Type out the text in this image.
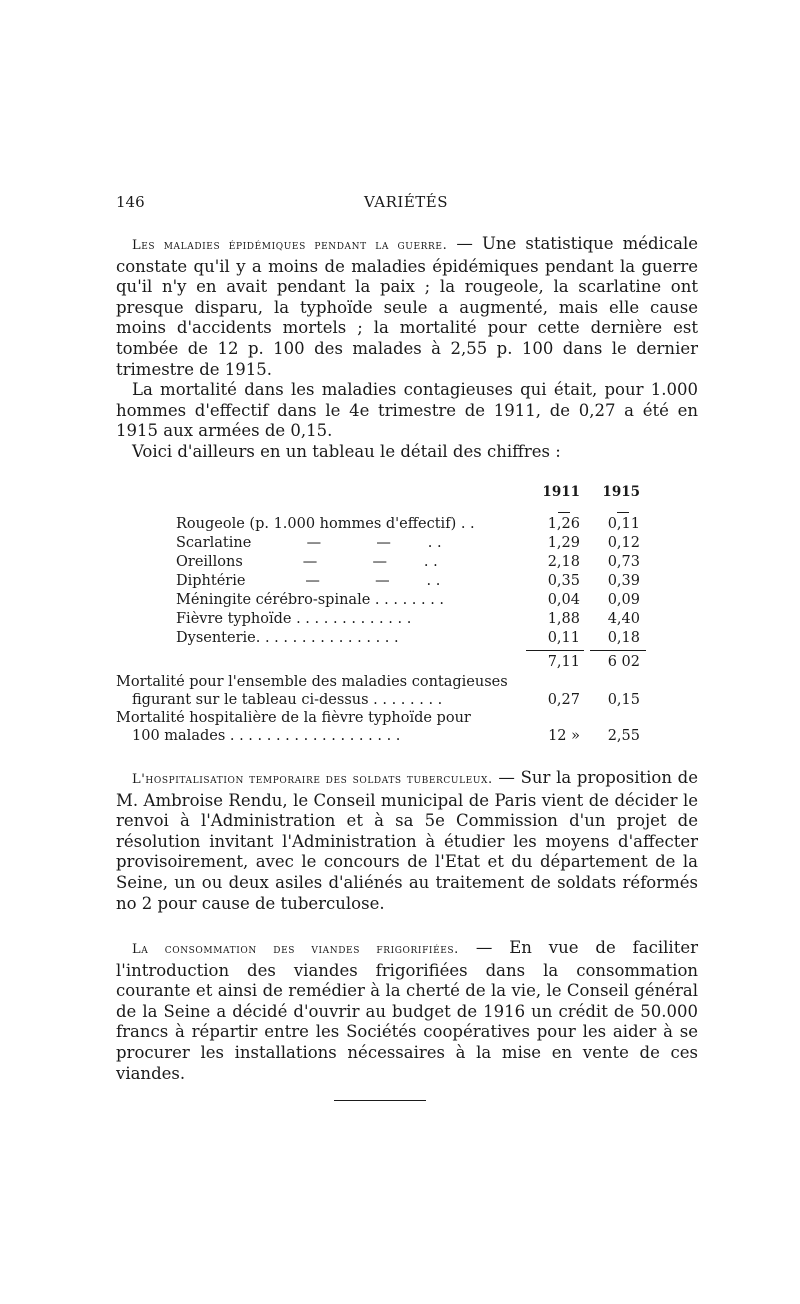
146	VARIÉTÉS

Les maladies épidémiques pendant la guerre. — Une statistique médicale constate qu'il y a moins de maladies épidémiques pendant la guerre qu'il n'y en avait pendant la paix ; la rougeole, la scarlatine ont presque disparu, la typhoïde seule a augmenté, mais elle cause moins d'accidents mortels ; la mortalité pour cette dernière est tombée de 12 p. 100 des malades à 2,55 p. 100 dans le dernier trimestre de 1915.

La mortalité dans les maladies contagieuses qui était, pour 1.000 hommes d'effectif dans le 4e trimestre de 1911, de 0,27 a été en 1915 aux armées de 0,15.

Voici d'ailleurs en un tableau le détail des chiffres :

1911	1915
Rougeole (p. 1.000 hommes d'effectif) . .	1,26	0,11
Scarlatine            —            —        . .	1,29	0,12
Oreillons             —            —        . .	2,18	0,73
Diphtérie             —            —        . .	0,35	0,39
Méningite cérébro-spinale . . . . . . . .	0,04	0,09
Fièvre typhoïde . . . . . . . . . . . . .	1,88	4,40
Dysenterie. . . . . . . . . . . . . . . .	0,11	0,18
7,11	6 02
Mortalité pour l'ensemble des maladies contagieuses
figurant sur le tableau ci-dessus . . . . . . . .	0,27	0,15
Mortalité hospitalière de la fièvre typhoïde pour
100 malades . . . . . . . . . . . . . . . . . . .	12 »	2,55

L'hospitalisation temporaire des soldats tuberculeux. — Sur la proposition de M. Ambroise Rendu, le Conseil municipal de Paris vient de décider le renvoi à l'Administration et à sa 5e Commission d'un projet de résolution invitant l'Administration à étudier les moyens d'affecter provisoirement, avec le concours de l'Etat et du département de la Seine, un ou deux asiles d'aliénés au traitement de soldats réformés no 2 pour cause de tuberculose.

La consommation des viandes frigorifiées. — En vue de faciliter l'introduction des viandes frigorifiées dans la consommation courante et ainsi de remédier à la cherté de la vie, le Conseil général de la Seine a décidé d'ouvrir au budget de 1916 un crédit de 50.000 francs à répartir entre les Sociétés coopératives pour les aider à se procurer les installations nécessaires à la mise en vente de ces viandes.
